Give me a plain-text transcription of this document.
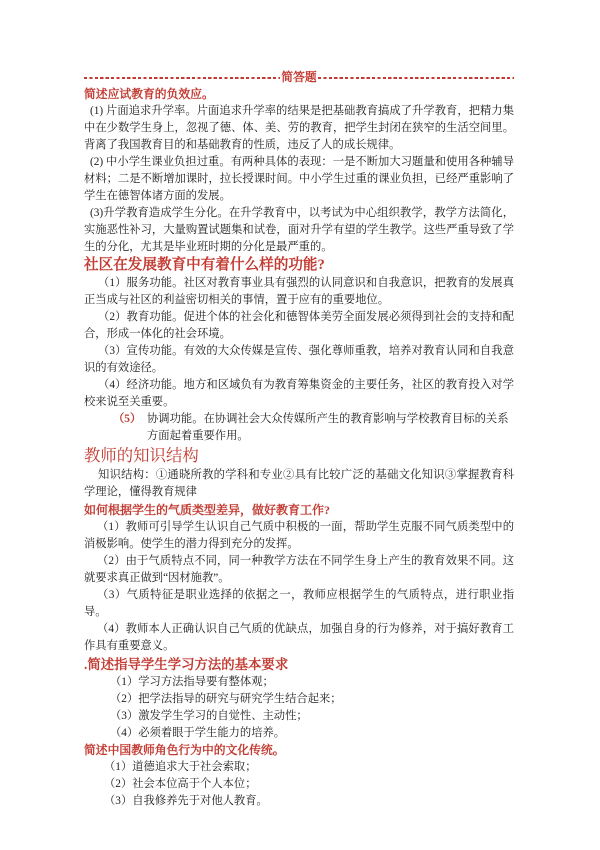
简答题
简述应试教育的负效应。

(1) 片面追求升学率。片面追求升学率的结果是把基础教育搞成了升学教育，把精力集中在少数学生身上，忽视了德、体、美、劳的教育，把学生封闭在狭窄的生活空间里。背离了我国教育目的和基础教育的性质，违反了人的成长规律。

(2) 中小学生课业负担过重。有两种具体的表现：一是不断加大习题量和使用各种辅导材料；二是不断增加课时，拉长授课时间。中小学生过重的课业负担，已经严重影响了学生在德智体诸方面的发展。

(3)升学教育造成学生分化。在升学教育中，以考试为中心组织教学，教学方法简化，实施恶性补习，大量购置试题集和试卷，面对升学有望的学生教学。这些严重导致了学生的分化，尤其是毕业班时期的分化是最严重的。

社区在发展教育中有着什么样的功能?

（1）服务功能。社区对教育事业具有强烈的认同意识和自我意识，把教育的发展真正当成与社区的利益密切相关的事情，置于应有的重要地位。

（2）教育功能。促进个体的社会化和德智体美劳全面发展必须得到社会的支持和配合，形成一体化的社会环境。

（3）宣传功能。有效的大众传媒是宣传、强化尊师重教，培养对教育认同和自我意识的有效途径。

（4）经济功能。地方和区域负有为教育筹集资金的主要任务，社区的教育投入对学校来说至关重要。

（5） 协调功能。在协调社会大众传媒所产生的教育影响与学校教育目标的关系方面起着重要作用。

教师的知识结构

知识结构：①通晓所教的学科和专业②具有比较广泛的基础文化知识③掌握教育科学理论，懂得教育规律

如何根据学生的气质类型差异，做好教育工作?

（1）教师可引导学生认识自己气质中积极的一面，帮助学生克服不同气质类型中的消极影响。使学生的潜力得到充分的发挥。

（2）由于气质特点不同，同一种教学方法在不同学生身上产生的教育效果不同。这就要求真正做到“因材施教”。

（3）气质特征是职业选择的依据之一，教师应根据学生的气质特点，进行职业指导。

（4）教师本人正确认识自己气质的优缺点，加强自身的行为修养，对于搞好教育工作具有重要意义。

.简述指导学生学习方法的基本要求

（1）学习方法指导要有整体观；

（2）把学法指导的研究与研究学生结合起来；

（3）激发学生学习的自觉性、主动性；

（4）必须着眼于学生能力的培养。

简述中国教师角色行为中的文化传统。

（1）道德追求大于社会索取；

（2）社会本位高于个人本位；

（3）自我修养先于对他人教育。
